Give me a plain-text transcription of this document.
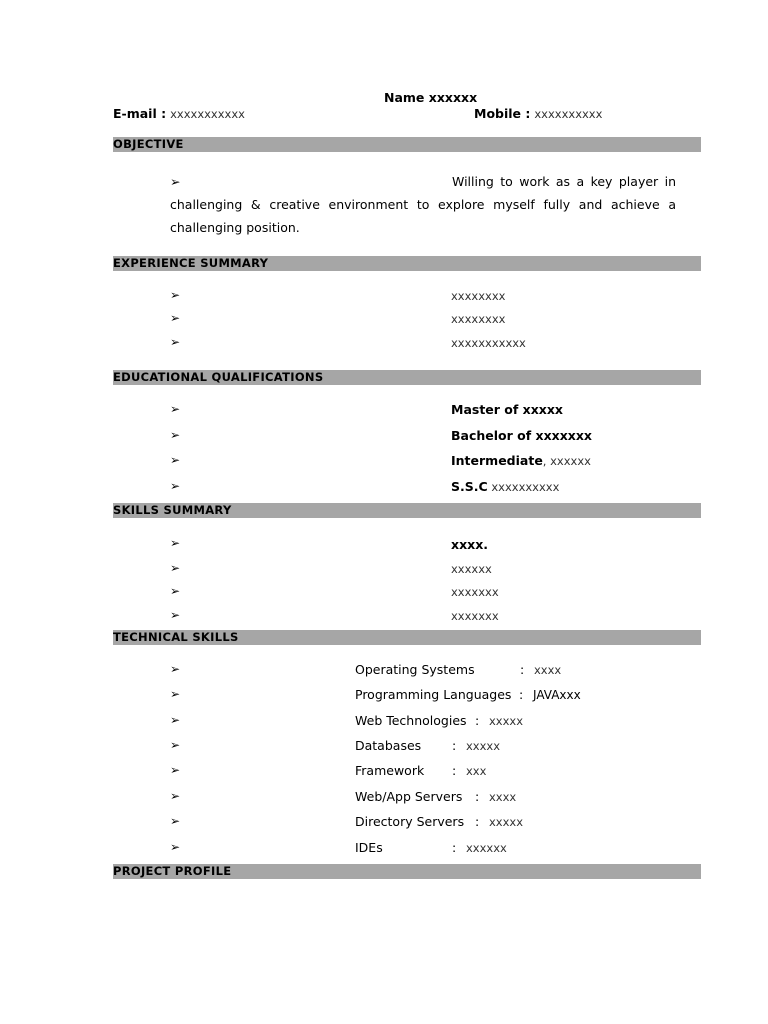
Name xxxxxx
E-mail : xxxxxxxxxxx	Mobile : xxxxxxxxxx
OBJECTIVE
➢	Willing to work as a key player in challenging & creative environment to explore myself fully and achieve a challenging position.
EXPERIENCE SUMMARY
➢	xxxxxxxx
➢	xxxxxxxx
➢	xxxxxxxxxxx
EDUCATIONAL QUALIFICATIONS
➢	Master of xxxxx
➢	Bachelor of xxxxxxx
➢	Intermediate, xxxxxx
➢	S.S.C xxxxxxxxxx
SKILLS SUMMARY
➢	xxxx.
➢	xxxxxx
➢	xxxxxxx
➢	xxxxxxx
TECHNICAL SKILLS
➢	Operating Systems	: xxxx
➢	Programming Languages : JAVAxxx
➢	Web Technologies : xxxxx
➢	Databases : xxxxx
➢	Framework : xxx
➢	Web/App Servers : xxxx
➢	Directory Servers : xxxxx
➢	IDEs	: xxxxxx
PROJECT PROFILE
